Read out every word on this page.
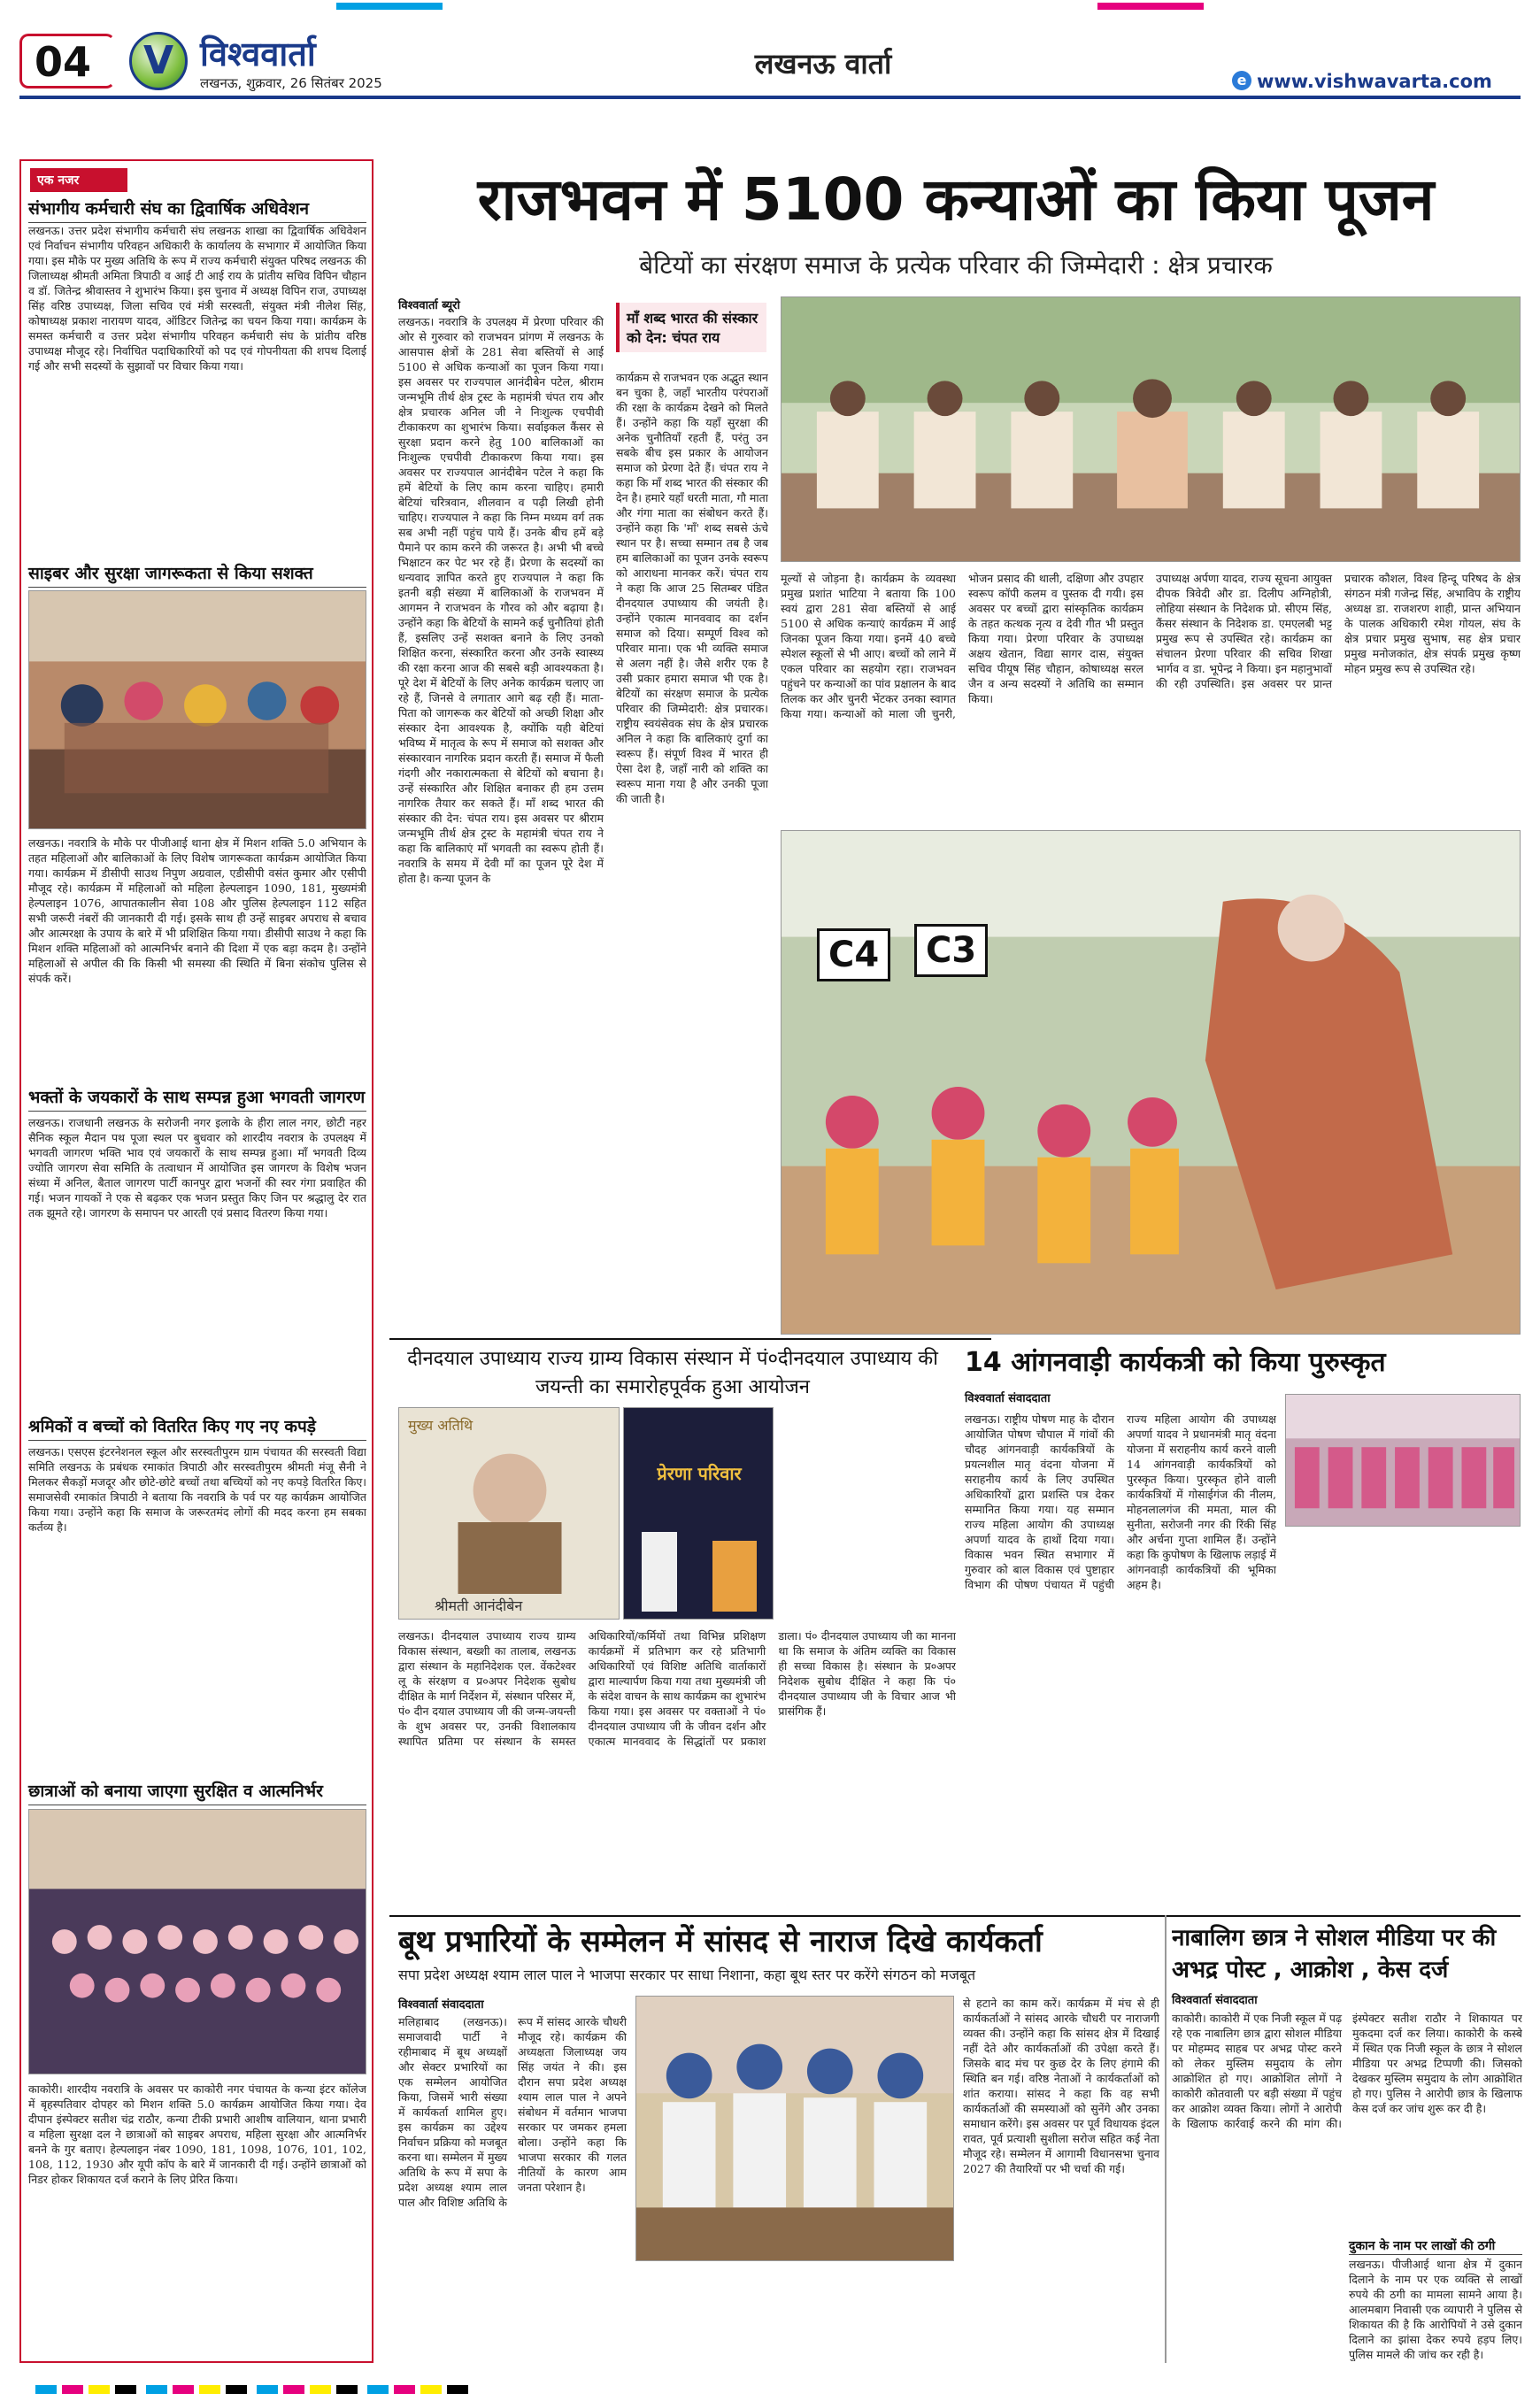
04	V विश्ववार्ता
लखनऊ, शुक्रवार, 26 सितंबर 2025
लखनऊ वार्ता	e www.vishwavarta.com
एक नजर
संभागीय कर्मचारी संघ का द्विवार्षिक अधिवेशन
लखनऊ। उत्तर प्रदेश संभागीय कर्मचारी संघ लखनऊ शाखा का द्विवार्षिक अधिवेशन एवं निर्वाचन संभागीय परिवहन अधिकारी के कार्यालय के सभागार में आयोजित किया गया। इस मौके पर मुख्य अतिथि के रूप में राज्य कर्मचारी संयुक्त परिषद लखनऊ की जिलाध्यक्ष श्रीमती अमिता त्रिपाठी व आई टी आई राय के प्रांतीय सचिव विपिन चौहान व डॉ. जितेन्द्र श्रीवास्तव ने शुभारंभ किया। इस चुनाव में अध्यक्ष विपिन राज, उपाध्यक्ष सिंह वरिष्ठ उपाध्यक्ष, जिला सचिव एवं मंत्री सरस्वती, संयुक्त मंत्री नीलेश सिंह, कोषाध्यक्ष प्रकाश नारायण यादव, ऑडिटर जितेन्द्र का चयन किया गया। कार्यक्रम के समस्त कर्मचारी व उत्तर प्रदेश संभागीय परिवहन कर्मचारी संघ के प्रांतीय वरिष्ठ उपाध्यक्ष मौजूद रहे। निर्वाचित पदाधिकारियों को पद एवं गोपनीयता की शपथ दिलाई गई और सभी सदस्यों के सुझावों पर विचार किया गया।
साइबर और सुरक्षा जागरूकता से किया सशक्त
लखनऊ। नवरात्रि के मौके पर पीजीआई थाना क्षेत्र में मिशन शक्ति 5.0 अभियान के तहत महिलाओं और बालिकाओं के लिए विशेष जागरूकता कार्यक्रम आयोजित किया गया। कार्यक्रम में डीसीपी साउथ निपुण अग्रवाल, एडीसीपी वसंत कुमार और एसीपी मौजूद रहे। कार्यक्रम में महिलाओं को महिला हेल्पलाइन 1090, 181, मुख्यमंत्री हेल्पलाइन 1076, आपातकालीन सेवा 108 और पुलिस हेल्पलाइन 112 सहित सभी जरूरी नंबरों की जानकारी दी गई। इसके साथ ही उन्हें साइबर अपराध से बचाव और आत्मरक्षा के उपाय के बारे में भी प्रशिक्षित किया गया। डीसीपी साउथ ने कहा कि मिशन शक्ति महिलाओं को आत्मनिर्भर बनाने की दिशा में एक बड़ा कदम है। उन्होंने महिलाओं से अपील की कि किसी भी समस्या की स्थिति में बिना संकोच पुलिस से संपर्क करें।
भक्तों के जयकारों के साथ सम्पन्न हुआ भगवती जागरण
लखनऊ। राजधानी लखनऊ के सरोजनी नगर इलाके के हीरा लाल नगर, छोटी नहर सैनिक स्कूल मैदान पथ पूजा स्थल पर बुधवार को शारदीय नवरात्र के उपलक्ष्य में भगवती जागरण भक्ति भाव एवं जयकारों के साथ सम्पन्न हुआ। माँ भगवती दिव्य ज्योति जागरण सेवा समिति के तत्वाधान में आयोजित इस जागरण के विशेष भजन संध्या में अनिल, बैताल जागरण पार्टी कानपुर द्वारा भजनों की स्वर गंगा प्रवाहित की गई। भजन गायकों ने एक से बढ़कर एक भजन प्रस्तुत किए जिन पर श्रद्धालु देर रात तक झूमते रहे। जागरण के समापन पर आरती एवं प्रसाद वितरण किया गया।
श्रमिकों व बच्चों को वितरित किए गए नए कपड़े
लखनऊ। एसएस इंटरनेशनल स्कूल और सरस्वतीपुरम ग्राम पंचायत की सरस्वती विद्या समिति लखनऊ के प्रबंधक रमाकांत त्रिपाठी और सरस्वतीपुरम श्रीमती मंजू सैनी ने मिलकर सैकड़ों मजदूर और छोटे-छोटे बच्चों तथा बच्चियों को नए कपड़े वितरित किए। समाजसेवी रमाकांत त्रिपाठी ने बताया कि नवरात्रि के पर्व पर यह कार्यक्रम आयोजित किया गया। उन्होंने कहा कि समाज के जरूरतमंद लोगों की मदद करना हम सबका कर्तव्य है।
छात्राओं को बनाया जाएगा सुरक्षित व आत्मनिर्भर
काकोरी। शारदीय नवरात्रि के अवसर पर काकोरी नगर पंचायत के कन्या इंटर कॉलेज में बृहस्पतिवार दोपहर को मिशन शक्ति 5.0 कार्यक्रम आयोजित किया गया। देव दीपान इंस्पेक्टर सतीश चंद्र राठौर, कन्या टीकी प्रभारी आशीष वालियान, थाना प्रभारी व महिला सुरक्षा दल ने छात्राओं को साइबर अपराध, महिला सुरक्षा और आत्मनिर्भर बनने के गुर बताए। हेल्पलाइन नंबर 1090, 181, 1098, 1076, 101, 102, 108, 112, 1930 और यूपी कॉप के बारे में जानकारी दी गई। उन्होंने छात्राओं को निडर होकर शिकायत दर्ज कराने के लिए प्रेरित किया।
राजभवन में 5100 कन्याओं का किया पूजन
बेटियों का संरक्षण समाज के प्रत्येक परिवार की जिम्मेदारी : क्षेत्र प्रचारक
विश्ववार्ता ब्यूरो
लखनऊ। नवरात्रि के उपलक्ष्य में प्रेरणा परिवार की ओर से गुरुवार को राजभवन प्रांगण में लखनऊ के आसपास क्षेत्रों के 281 सेवा बस्तियों से आई 5100 से अधिक कन्याओं का पूजन किया गया। इस अवसर पर राज्यपाल आनंदीबेन पटेल, श्रीराम जन्मभूमि तीर्थ क्षेत्र ट्रस्ट के महामंत्री चंपत राय और क्षेत्र प्रचारक अनिल जी ने निःशुल्क एचपीवी टीकाकरण का शुभारंभ किया। सर्वाइकल कैंसर से सुरक्षा प्रदान करने हेतु 100 बालिकाओं का निःशुल्क एचपीवी टीकाकरण किया गया। इस अवसर पर राज्यपाल आनंदीबेन पटेल ने कहा कि हमें बेटियों के लिए काम करना चाहिए। हमारी बेटियां चरित्रवान, शीलवान व पढ़ी लिखी होनी चाहिए। राज्यपाल ने कहा कि निम्न मध्यम वर्ग तक सब अभी नहीं पहुंच पाये हैं। उनके बीच हमें बड़े पैमाने पर काम करने की जरूरत है। अभी भी बच्चे भिक्षाटन कर पेट भर रहे हैं। प्रेरणा के सदस्यों का धन्यवाद ज्ञापित करते हुए राज्यपाल ने कहा कि इतनी बड़ी संख्या में बालिकाओं के राजभवन में आगमन ने राजभवन के गौरव को और बढ़ाया है। उन्होंने कहा कि बेटियों के सामने कई चुनौतियां होती हैं, इसलिए उन्हें सशक्त बनाने के लिए उनको शिक्षित करना, संस्कारित करना और उनके स्वास्थ्य की रक्षा करना आज की सबसे बड़ी आवश्यकता है। पूरे देश में बेटियों के लिए अनेक कार्यक्रम चलाए जा रहे हैं, जिनसे वे लगातार आगे बढ़ रही हैं। माता-पिता को जागरूक कर बेटियों को अच्छी शिक्षा और संस्कार देना आवश्यक है, क्योंकि यही बेटियां भविष्य में मातृत्व के रूप में समाज को सशक्त और संस्कारवान नागरिक प्रदान करती हैं। समाज में फैली गंदगी और नकारात्मकता से बेटियों को बचाना है। उन्हें संस्कारित और शिक्षित बनाकर ही हम उत्तम नागरिक तैयार कर सकते हैं। माँ शब्द भारत की संस्कार की देन: चंपत राय। इस अवसर पर श्रीराम जन्मभूमि तीर्थ क्षेत्र ट्रस्ट के महामंत्री चंपत राय ने कहा कि बालिकाएं माँ भगवती का स्वरूप होती हैं। नवरात्रि के समय में देवी माँ का पूजन पूरे देश में होता है। कन्या पूजन के
माँ शब्द भारत की संस्कार को देन: चंपत राय
कार्यक्रम से राजभवन एक अद्भुत स्थान बन चुका है, जहाँ भारतीय परंपराओं की रक्षा के कार्यक्रम देखने को मिलते हैं। उन्होंने कहा कि यहाँ सुरक्षा की अनेक चुनौतियाँ रहती हैं, परंतु उन सबके बीच इस प्रकार के आयोजन समाज को प्रेरणा देते हैं। चंपत राय ने कहा कि माँ शब्द भारत की संस्कार की देन है। हमारे यहाँ धरती माता, गौ माता और गंगा माता का संबोधन करते हैं। उन्होंने कहा कि 'माँ' शब्द सबसे ऊंचे स्थान पर है। सच्चा सम्मान तब है जब हम बालिकाओं का पूजन उनके स्वरूप को आराधना मानकर करें। चंपत राय ने कहा कि आज 25 सितम्बर पंडित दीनदयाल उपाध्याय की जयंती है। उन्होंने एकात्म मानववाद का दर्शन समाज को दिया। सम्पूर्ण विश्व को परिवार माना। एक भी व्यक्ति समाज से अलग नहीं है। जैसे शरीर एक है उसी प्रकार हमारा समाज भी एक है। बेटियों का संरक्षण समाज के प्रत्येक परिवार की जिम्मेदारी: क्षेत्र प्रचारक। राष्ट्रीय स्वयंसेवक संघ के क्षेत्र प्रचारक अनिल ने कहा कि बालिकाएं दुर्गा का स्वरूप हैं। संपूर्ण विश्व में भारत ही ऐसा देश है, जहाँ नारी को शक्ति का स्वरूप माना गया है और उनकी पूजा की जाती है।
मूल्यों से जोड़ना है। कार्यक्रम के व्यवस्था प्रमुख प्रशांत भाटिया ने बताया कि 100 स्वयं द्वारा 281 सेवा बस्तियों से आई 5100 से अधिक कन्याएं कार्यक्रम में आई जिनका पूजन किया गया। इनमें 40 बच्चे स्पेशल स्कूलों से भी आए। बच्चों को लाने में एकल परिवार का सहयोग रहा। राजभवन पहुंचने पर कन्याओं का पांव प्रक्षालन के बाद तिलक कर और चुनरी भेंटकर उनका स्वागत किया गया। कन्याओं को माला जी चुनरी, भोजन प्रसाद की थाली, दक्षिणा और उपहार स्वरूप कॉपी कलम व पुस्तक दी गयी। इस अवसर पर बच्चों द्वारा सांस्कृतिक कार्यक्रम के तहत कत्थक नृत्य व देवी गीत भी प्रस्तुत किया गया। प्रेरणा परिवार के उपाध्यक्ष अक्षय खेतान, विद्या सागर दास, संयुक्त सचिव पीयूष सिंह चौहान, कोषाध्यक्ष सरल जैन व अन्य सदस्यों ने अतिथि का सम्मान किया।
उपाध्यक्ष अर्पणा यादव, राज्य सूचना आयुक्त दीपक त्रिवेदी और डा. दिलीप अग्निहोत्री, लोहिया संस्थान के निदेशक प्रो. सीएम सिंह, कैंसर संस्थान के निदेशक डा. एमएलबी भट्ट प्रमुख रूप से उपस्थित रहे। कार्यक्रम का संचालन प्रेरणा परिवार की सचिव शिखा भार्गव व डा. भूपेन्द्र ने किया। इन महानुभावों की रही उपस्थिति। इस अवसर पर प्रान्त प्रचारक कौशल, विश्व हिन्दू परिषद के क्षेत्र संगठन मंत्री गजेन्द्र सिंह, अभाविप के राष्ट्रीय अध्यक्ष डा. राजशरण शाही, प्रान्त अभियान के पालक अधिकारी रमेश गोयल, संघ के क्षेत्र प्रचार प्रमुख सुभाष, सह क्षेत्र प्रचार प्रमुख मनोजकांत, क्षेत्र संपर्क प्रमुख कृष्ण मोहन प्रमुख रूप से उपस्थित रहे।
C4	C3
मुख्य अतिथि
श्रीमती आनंदीबेन
प्रेरणा परिवार
दीनदयाल उपाध्याय राज्य ग्राम्य विकास संस्थान में पं०दीनदयाल उपाध्याय की जयन्ती का समारोहपूर्वक हुआ आयोजन
14 आंगनवाड़ी कार्यकत्री को किया पुरुस्कृत
विश्ववार्ता संवाददाता
लखनऊ। दीनदयाल उपाध्याय राज्य ग्राम्य विकास संस्थान, बख्शी का तालाब, लखनऊ द्वारा संस्थान के महानिदेशक एल. वेंकटेश्वर लू के संरक्षण व प्र०अपर निदेशक सुबोध दीक्षित के मार्ग निर्देशन में, संस्थान परिसर में, पं० दीन दयाल उपाध्याय जी की जन्म-जयन्ती के शुभ अवसर पर, उनकी विशालकाय स्थापित प्रतिमा पर संस्थान के समस्त अधिकारियों/कर्मियों तथा विभिन्न प्रशिक्षण कार्यक्रमों में प्रतिभाग कर रहे प्रतिभागी अधिकारियों एवं विशिष्ट अतिथि वार्ताकारों द्वारा माल्यार्पण किया गया तथा मुख्यमंत्री जी के संदेश वाचन के साथ कार्यक्रम का शुभारंभ किया गया। इस अवसर पर वक्ताओं ने पं० दीनदयाल उपाध्याय जी के जीवन दर्शन और एकात्म मानववाद के सिद्धांतों पर प्रकाश डाला। पं० दीनदयाल उपाध्याय जी का मानना था कि समाज के अंतिम व्यक्ति का विकास ही सच्चा विकास है। संस्थान के प्र०अपर निदेशक सुबोध दीक्षित ने कहा कि पं० दीनदयाल उपाध्याय जी के विचार आज भी प्रासंगिक हैं।
लखनऊ। राष्ट्रीय पोषण माह के दौरान आयोजित पोषण चौपाल में गांवों की चौदह आंगनवाड़ी कार्यकत्रियों के प्रयत्नशील मातृ वंदना योजना में सराहनीय कार्य के लिए उपस्थित अधिकारियों द्वारा प्रशस्ति पत्र देकर सम्मानित किया गया। यह सम्मान राज्य महिला आयोग की उपाध्यक्ष अपर्णा यादव के हाथों दिया गया। विकास भवन स्थित सभागार में गुरुवार को बाल विकास एवं पुष्टाहार विभाग की पोषण पंचायत में पहुंची राज्य महिला आयोग की उपाध्यक्ष अपर्णा यादव ने प्रधानमंत्री मातृ वंदना योजना में सराहनीय कार्य करने वाली 14 आंगनवाड़ी कार्यकत्रियों को पुरस्कृत किया। पुरस्कृत होने वाली कार्यकत्रियों में गोसाईगंज की नीलम, मोहनलालगंज की ममता, माल की सुनीता, सरोजनी नगर की रिंकी सिंह और अर्चना गुप्ता शामिल हैं। उन्होंने कहा कि कुपोषण के खिलाफ लड़ाई में आंगनवाड़ी कार्यकत्रियों की भूमिका अहम है।
बूथ प्रभारियों के सम्मेलन में सांसद से नाराज दिखे कार्यकर्ता
सपा प्रदेश अध्यक्ष श्याम लाल पाल ने भाजपा सरकार पर साधा निशाना, कहा बूथ स्तर पर करेंगे संगठन को मजबूत
विश्ववार्ता संवाददाता
मलिहाबाद (लखनऊ)। समाजवादी पार्टी ने रहीमाबाद में बूथ अध्यक्षों और सेक्टर प्रभारियों का एक सम्मेलन आयोजित किया, जिसमें भारी संख्या में कार्यकर्ता शामिल हुए। इस कार्यक्रम का उद्देश्य निर्वाचन प्रक्रिया को मजबूत करना था। सम्मेलन में मुख्य अतिथि के रूप में सपा के प्रदेश अध्यक्ष श्याम लाल पाल और विशिष्ट अतिथि के रूप में सांसद आरके चौधरी मौजूद रहे। कार्यक्रम की अध्यक्षता जिलाध्यक्ष जय सिंह जयंत ने की। इस दौरान सपा प्रदेश अध्यक्ष श्याम लाल पाल ने अपने संबोधन में वर्तमान भाजपा सरकार पर जमकर हमला बोला। उन्होंने कहा कि भाजपा सरकार की गलत नीतियों के कारण आम जनता परेशान है।
से हटाने का काम करें। कार्यक्रम में मंच से ही कार्यकर्ताओं ने सांसद आरके चौधरी पर नाराजगी व्यक्त की। उन्होंने कहा कि सांसद क्षेत्र में दिखाई नहीं देते और कार्यकर्ताओं की उपेक्षा करते हैं। जिसके बाद मंच पर कुछ देर के लिए हंगामे की स्थिति बन गई। वरिष्ठ नेताओं ने कार्यकर्ताओं को शांत कराया। सांसद ने कहा कि वह सभी कार्यकर्ताओं की समस्याओं को सुनेंगे और उनका समाधान करेंगे। इस अवसर पर पूर्व विधायक इंदल रावत, पूर्व प्रत्याशी सुशीला सरोज सहित कई नेता मौजूद रहे। सम्मेलन में आगामी विधानसभा चुनाव 2027 की तैयारियों पर भी चर्चा की गई।
नाबालिग छात्र ने सोशल मीडिया पर की अभद्र पोस्ट , आक्रोश , केस दर्ज
विश्ववार्ता संवाददाता
काकोरी। काकोरी में एक निजी स्कूल में पढ़ रहे एक नाबालिग छात्र द्वारा सोशल मीडिया पर मोहम्मद साहब पर अभद्र पोस्ट करने को लेकर मुस्लिम समुदाय के लोग आक्रोशित हो गए। आक्रोशित लोगों ने काकोरी कोतवाली पर बड़ी संख्या में पहुंच कर आक्रोश व्यक्त किया। लोगों ने आरोपी के खिलाफ कार्रवाई करने की मांग की। इंस्पेक्टर सतीश राठौर ने शिकायत पर मुकदमा दर्ज कर लिया। काकोरी के कस्बे में स्थित एक निजी स्कूल के छात्र ने सोशल मीडिया पर अभद्र टिप्पणी की। जिसको देखकर मुस्लिम समुदाय के लोग आक्रोशित हो गए। पुलिस ने आरोपी छात्र के खिलाफ केस दर्ज कर जांच शुरू कर दी है।
दुकान के नाम पर लाखों की ठगी
लखनऊ। पीजीआई थाना क्षेत्र में दुकान दिलाने के नाम पर एक व्यक्ति से लाखों रुपये की ठगी का मामला सामने आया है। आलमबाग निवासी एक व्यापारी ने पुलिस से शिकायत की है कि आरोपियों ने उसे दुकान दिलाने का झांसा देकर रुपये हड़प लिए। पुलिस मामले की जांच कर रही है।
